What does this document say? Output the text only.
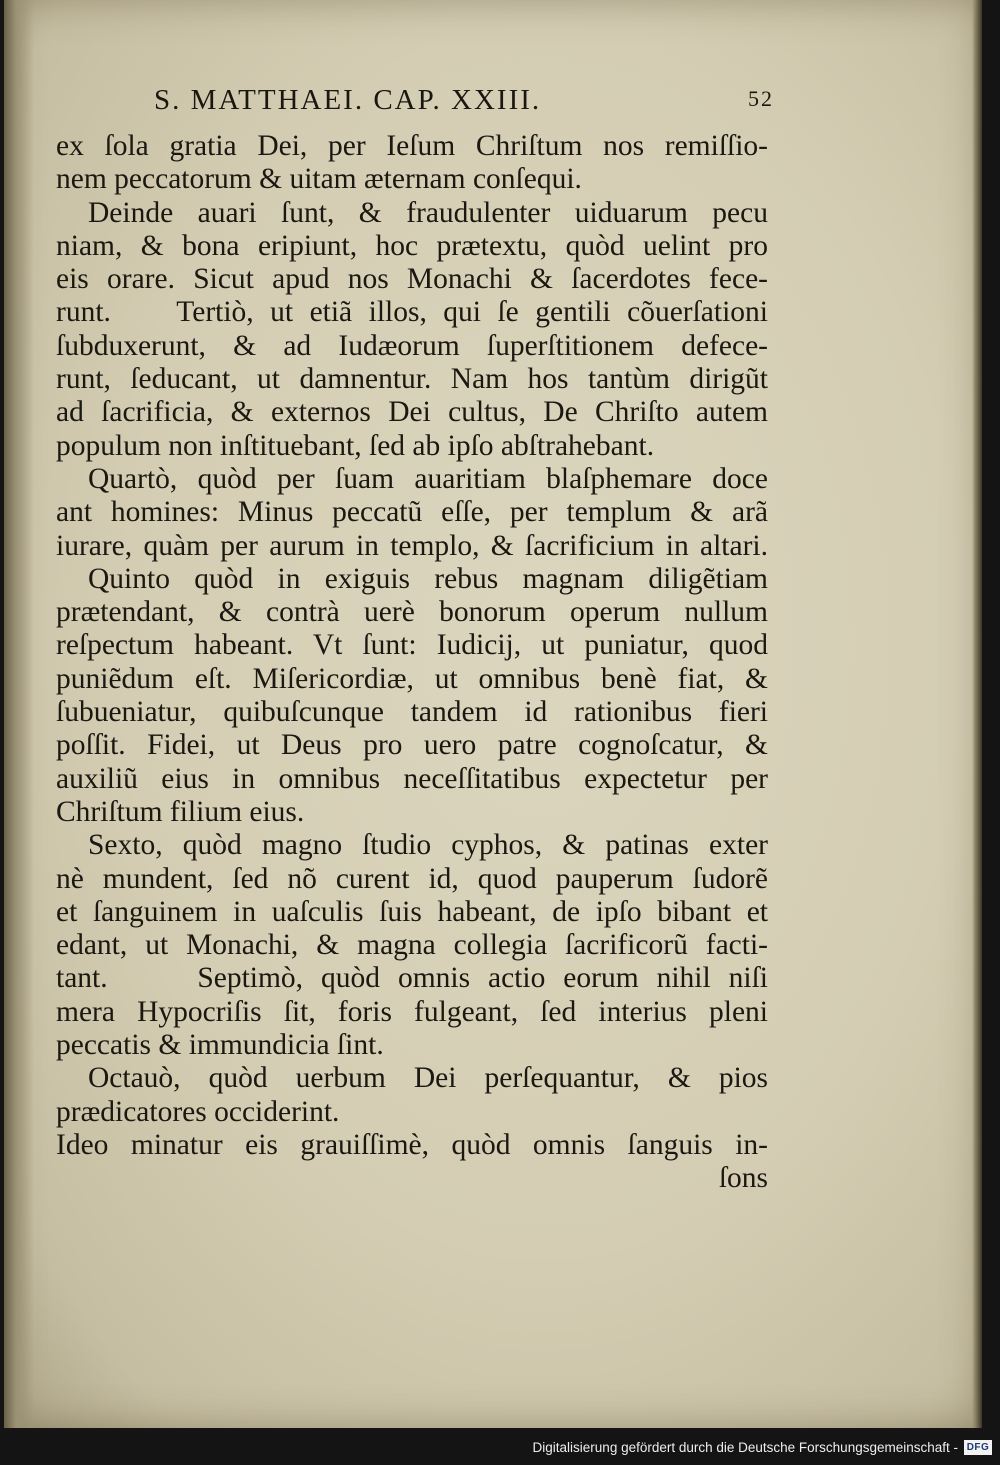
S. MATTHAEI. CAP. XXIII.	52
ex ſola gratia Dei, per Ieſum Chriſtum nos remiſſio-
nem peccatorum & uitam æternam conſequi.
Deinde auari ſunt, & fraudulenter uiduarum pecu
niam, & bona eripiunt, hoc prætextu, quòd uelint pro
eis orare. Sicut apud nos Monachi & ſacerdotes fece-
runt.    Tertiò, ut etiã illos, qui ſe gentili cõuerſationi
ſubduxerunt, & ad Iudæorum ſuperſtitionem defece-
runt, ſeducant, ut damnentur. Nam hos tantùm dirigũt
ad ſacrificia, & externos Dei cultus, De Chriſto autem
populum non inſtituebant, ſed ab ipſo abſtrahebant.
Quartò, quòd per ſuam auaritiam blaſphemare doce
ant homines: Minus peccatũ eſſe, per templum & arã
iurare, quàm per aurum in templo, & ſacrificium in altari.
Quinto quòd in exiguis rebus magnam diligẽtiam
prætendant, & contrà uerè bonorum operum nullum
reſpectum habeant. Vt ſunt: Iudicij, ut puniatur, quod
puniẽdum eſt. Miſericordiæ, ut omnibus benè fiat, &
ſubueniatur, quibuſcunque tandem id rationibus fieri
poſſit. Fidei, ut Deus pro uero patre cognoſcatur, &
auxiliũ eius in omnibus neceſſitatibus expectetur per
Chriſtum filium eius.
Sexto, quòd magno ſtudio cyphos, & patinas exter
nè mundent, ſed nõ curent id, quod pauperum ſudorẽ
et ſanguinem in uaſculis ſuis habeant, de ipſo bibant et
edant, ut Monachi, & magna collegia ſacrificorũ facti-
tant.     Septimò, quòd omnis actio eorum nihil niſi
mera Hypocriſis ſit, foris fulgeant, ſed interius pleni
peccatis & immundicia ſint.
Octauò, quòd uerbum Dei perſequantur, & pios
prædicatores occiderint.
Ideo minatur eis grauiſſimè, quòd omnis ſanguis in-
ſons
Digitalisierung gefördert durch die Deutsche Forschungsgemeinschaft - DFG
